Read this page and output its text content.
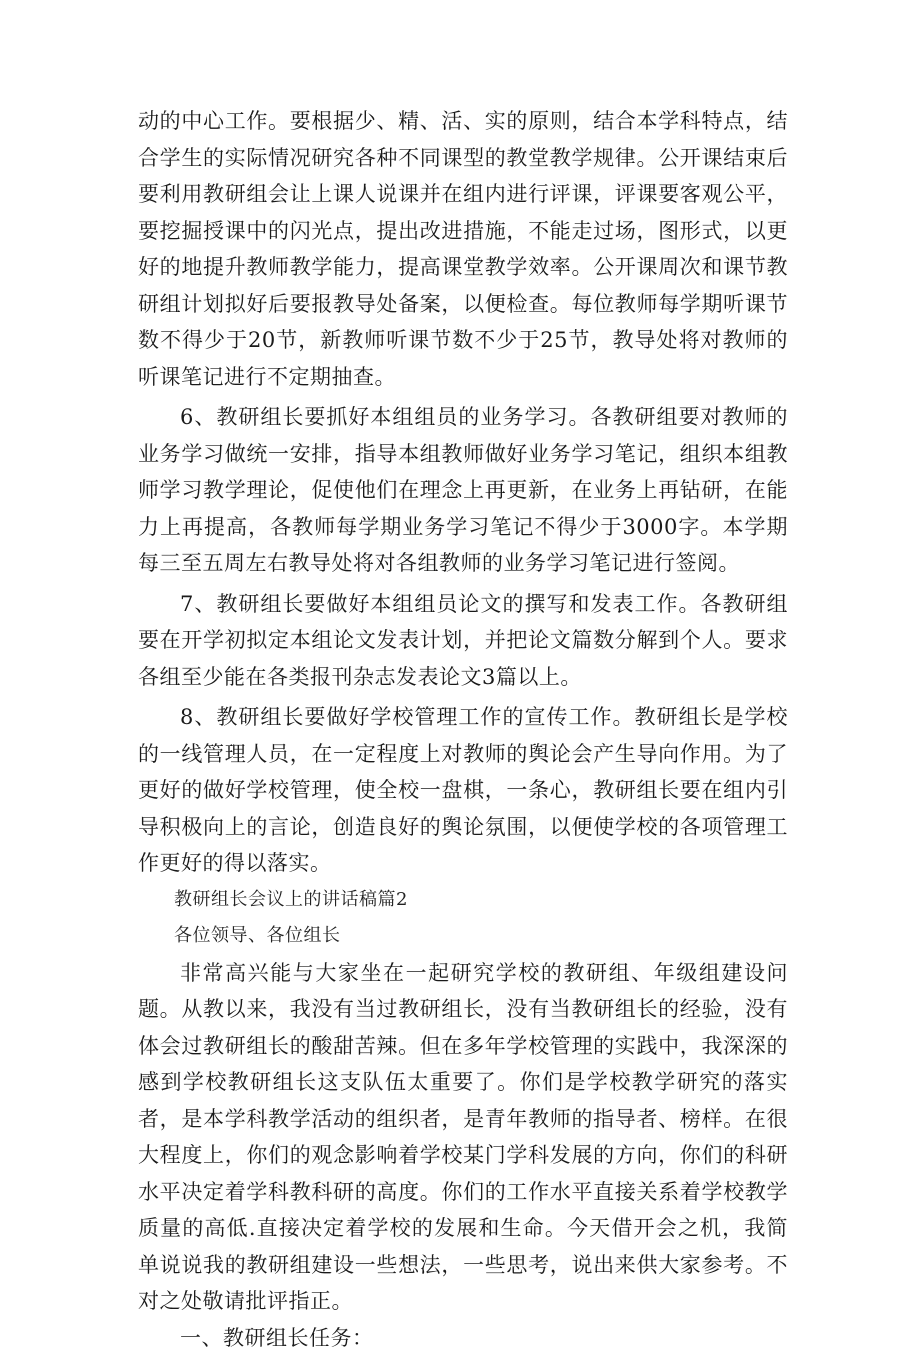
动的中心工作。要根据少、精、活、实的原则，结合本学科特点，结合学生的实际情况研究各种不同课型的教堂教学规律。公开课结束后要利用教研组会让上课人说课并在组内进行评课，评课要客观公平，要挖掘授课中的闪光点，提出改进措施，不能走过场，图形式，以更好的地提升教师教学能力，提高课堂教学效率。公开课周次和课节教研组计划拟好后要报教导处备案，以便检查。每位教师每学期听课节数不得少于20节，新教师听课节数不少于25节，教导处将对教师的听课笔记进行不定期抽查。

6、教研组长要抓好本组组员的业务学习。各教研组要对教师的业务学习做统一安排，指导本组教师做好业务学习笔记，组织本组教师学习教学理论，促使他们在理念上再更新，在业务上再钻研，在能力上再提高，各教师每学期业务学习笔记不得少于3000字。本学期每三至五周左右教导处将对各组教师的业务学习笔记进行签阅。

7、教研组长要做好本组组员论文的撰写和发表工作。各教研组要在开学初拟定本组论文发表计划，并把论文篇数分解到个人。要求各组至少能在各类报刊杂志发表论文3篇以上。

8、教研组长要做好学校管理工作的宣传工作。教研组长是学校的一线管理人员，在一定程度上对教师的舆论会产生导向作用。为了更好的做好学校管理，使全校一盘棋，一条心，教研组长要在组内引导积极向上的言论，创造良好的舆论氛围，以便使学校的各项管理工作更好的得以落实。

教研组长会议上的讲话稿篇2

各位领导、各位组长

非常高兴能与大家坐在一起研究学校的教研组、年级组建设问题。从教以来，我没有当过教研组长，没有当教研组长的经验，没有体会过教研组长的酸甜苦辣。但在多年学校管理的实践中，我深深的感到学校教研组长这支队伍太重要了。你们是学校教学研究的落实者，是本学科教学活动的组织者，是青年教师的指导者、榜样。在很大程度上，你们的观念影响着学校某门学科发展的方向，你们的科研水平决定着学科教科研的高度。你们的工作水平直接关系着学校教学质量的高低.直接决定着学校的发展和生命。今天借开会之机，我简单说说我的教研组建设一些想法，一些思考，说出来供大家参考。不对之处敬请批评指正。

一、教研组长任务：
